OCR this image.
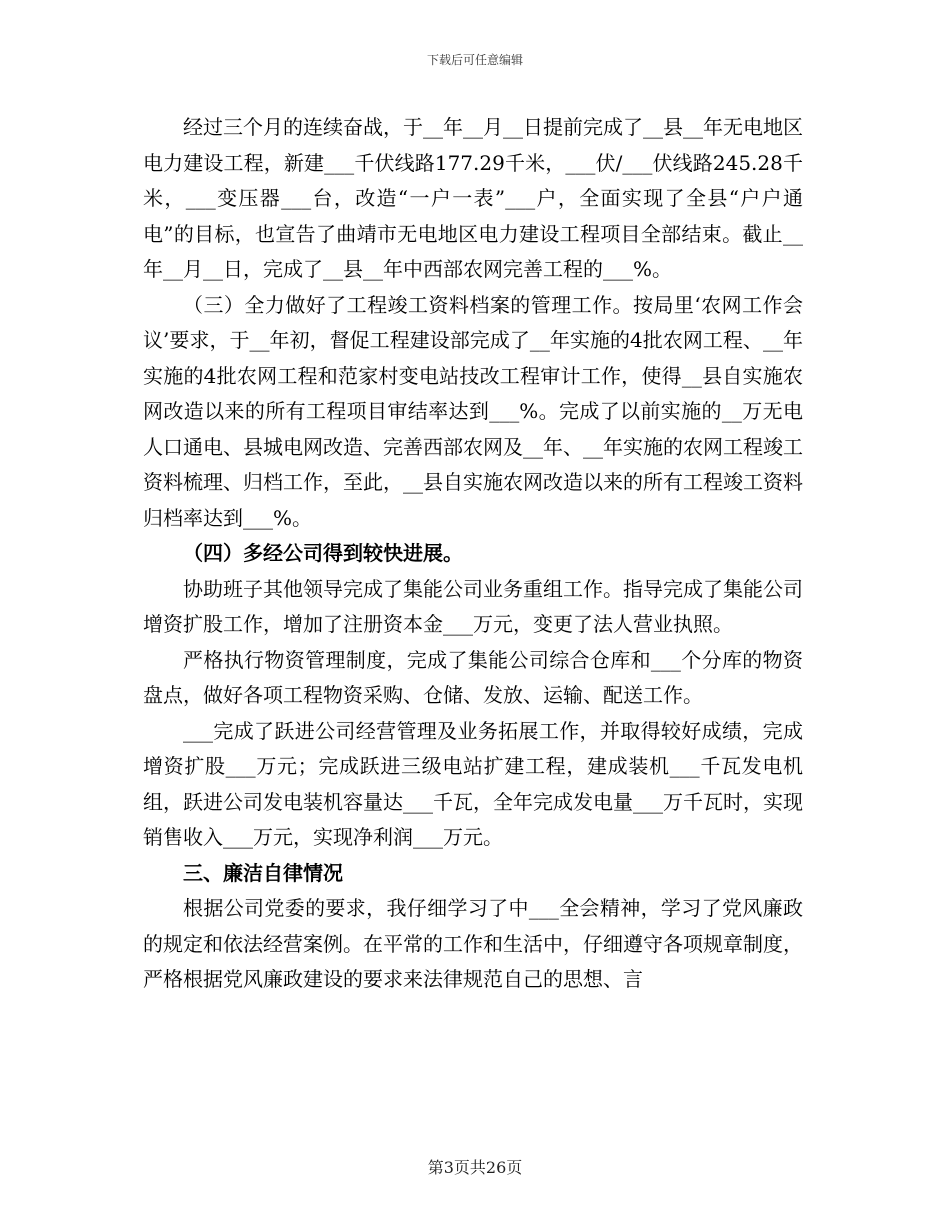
下载后可任意编辑

经过三个月的连续奋战，于__年__月__日提前完成了__县__年无电地区电力建设工程，新建___千伏线路177.29千米，___伏/___伏线路245.28千米，___变压器___台，改造“一户一表”___户，全面实现了全县“户户通电”的目标，也宣告了曲靖市无电地区电力建设工程项目全部结束。截止__年__月__日，完成了__县__年中西部农网完善工程的___%。

（三）全力做好了工程竣工资料档案的管理工作。按局里‘农网工作会议’要求，于__年初，督促工程建设部完成了__年实施的4批农网工程、__年实施的4批农网工程和范家村变电站技改工程审计工作，使得__县自实施农网改造以来的所有工程项目审结率达到___%。完成了以前实施的__万无电人口通电、县城电网改造、完善西部农网及__年、__年实施的农网工程竣工资料梳理、归档工作，至此，__县自实施农网改造以来的所有工程竣工资料归档率达到___%。

（四）多经公司得到较快进展。

协助班子其他领导完成了集能公司业务重组工作。指导完成了集能公司增资扩股工作，增加了注册资本金___万元，变更了法人营业执照。

严格执行物资管理制度，完成了集能公司综合仓库和___个分库的物资盘点，做好各项工程物资采购、仓储、发放、运输、配送工作。

___完成了跃进公司经营管理及业务拓展工作，并取得较好成绩，完成增资扩股___万元；完成跃进三级电站扩建工程，建成装机___千瓦发电机组，跃进公司发电装机容量达___千瓦，全年完成发电量___万千瓦时，实现销售收入___万元，实现净利润___万元。

三、廉洁自律情况

根据公司党委的要求，我仔细学习了中___全会精神，学习了党风廉政的规定和依法经营案例。在平常的工作和生活中，仔细遵守各项规章制度，严格根据党风廉政建设的要求来法律规范自己的思想、言

第3页共26页
